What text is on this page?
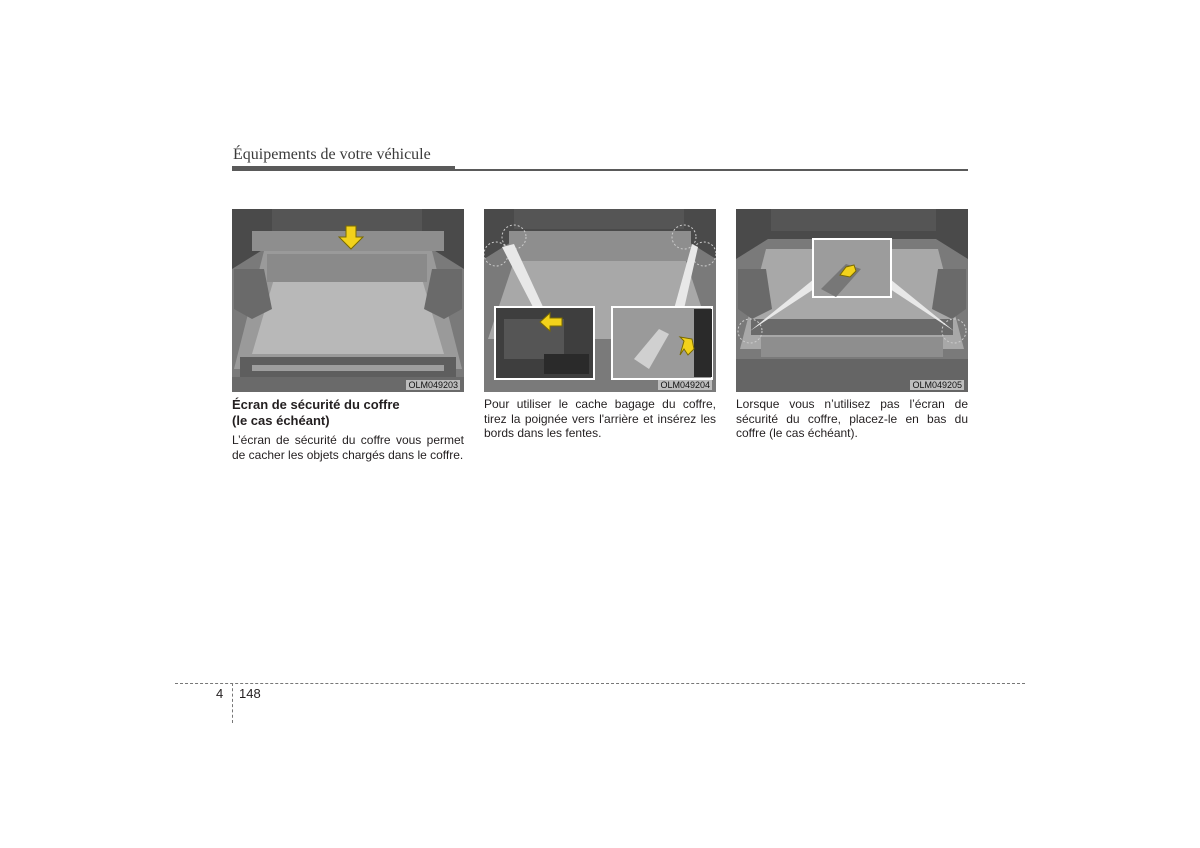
Équipements de votre véhicule
OLM049203	OLM049204	OLM049205
Écran de sécurité du coffre
(le cas échéant)

L’écran de sécurité du coffre vous permet de cacher les objets chargés dans le coffre.

Pour utiliser le cache bagage du coffre, tirez la poignée vers l'arrière et insérez les bords dans les fentes.

Lorsque vous n’utilisez pas l’écran de sécurité du coffre, placez-le en bas du coffre (le cas échéant).

4 148
